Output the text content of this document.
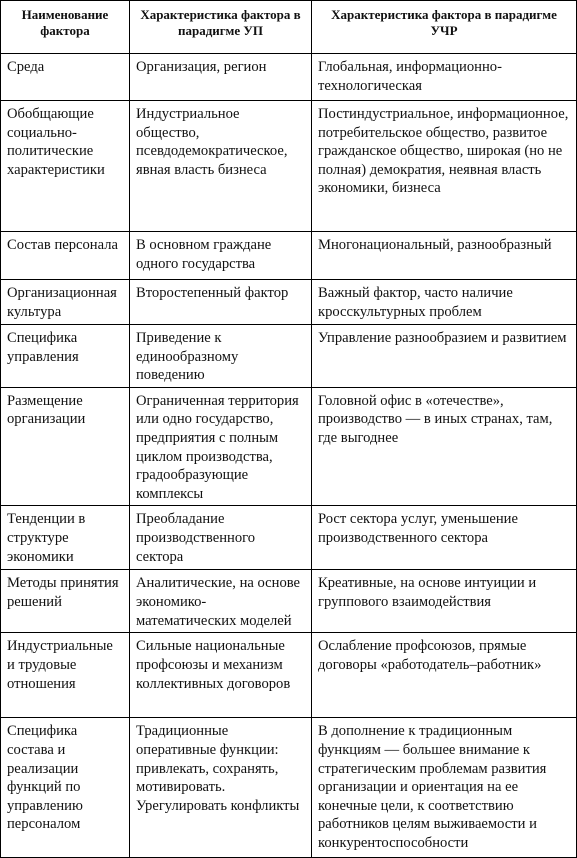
Наименование фактора	Характеристика фактора в парадигме УП	Характеристика фактора в парадигме УЧР
Среда	Организация, регион	Глобальная, информационно-технологическая
Обобщающие социально-политические характеристики	Индустриальное общество, псевдодемократическое, явная власть бизнеса	Постиндустриальное, информационное, потребительское общество, развитое гражданское общество, широкая (но не полная) демократия, неявная власть экономики, бизнеса
Состав персонала	В основном граждане одного государства	Многонациональный, разнообразный
Организационная культура	Второстепенный фактор	Важный фактор, часто наличие кросскультурных проблем
Специфика управления	Приведение к единообразному поведению	Управление разнообразием и развитием
Размещение организации	Ограниченная территория или одно государство, предприятия с полным циклом производства, градообразующие комплексы	Головной офис в «отечестве», производство — в иных странах, там, где выгоднее
Тенденции в структуре экономики	Преобладание производственного сектора	Рост сектора услуг, уменьшение производственного сектора
Методы принятия решений	Аналитические, на основе экономико-математических моделей	Креативные, на основе интуиции и группового взаимодействия
Индустриальные и трудовые отношения	Сильные национальные профсоюзы и механизм коллективных договоров	Ослабление профсоюзов, прямые договоры «работодатель–работник»
Специфика состава и реализации функций по управлению персоналом	Традиционные оперативные функции: привлекать, сохранять, мотивировать. Урегулировать конфликты	В дополнение к традиционным функциям — большее внимание к стратегическим проблемам развития организации и ориентация на ее конечные цели, к соответствию работников целям выживаемости и конкурентоспособности
